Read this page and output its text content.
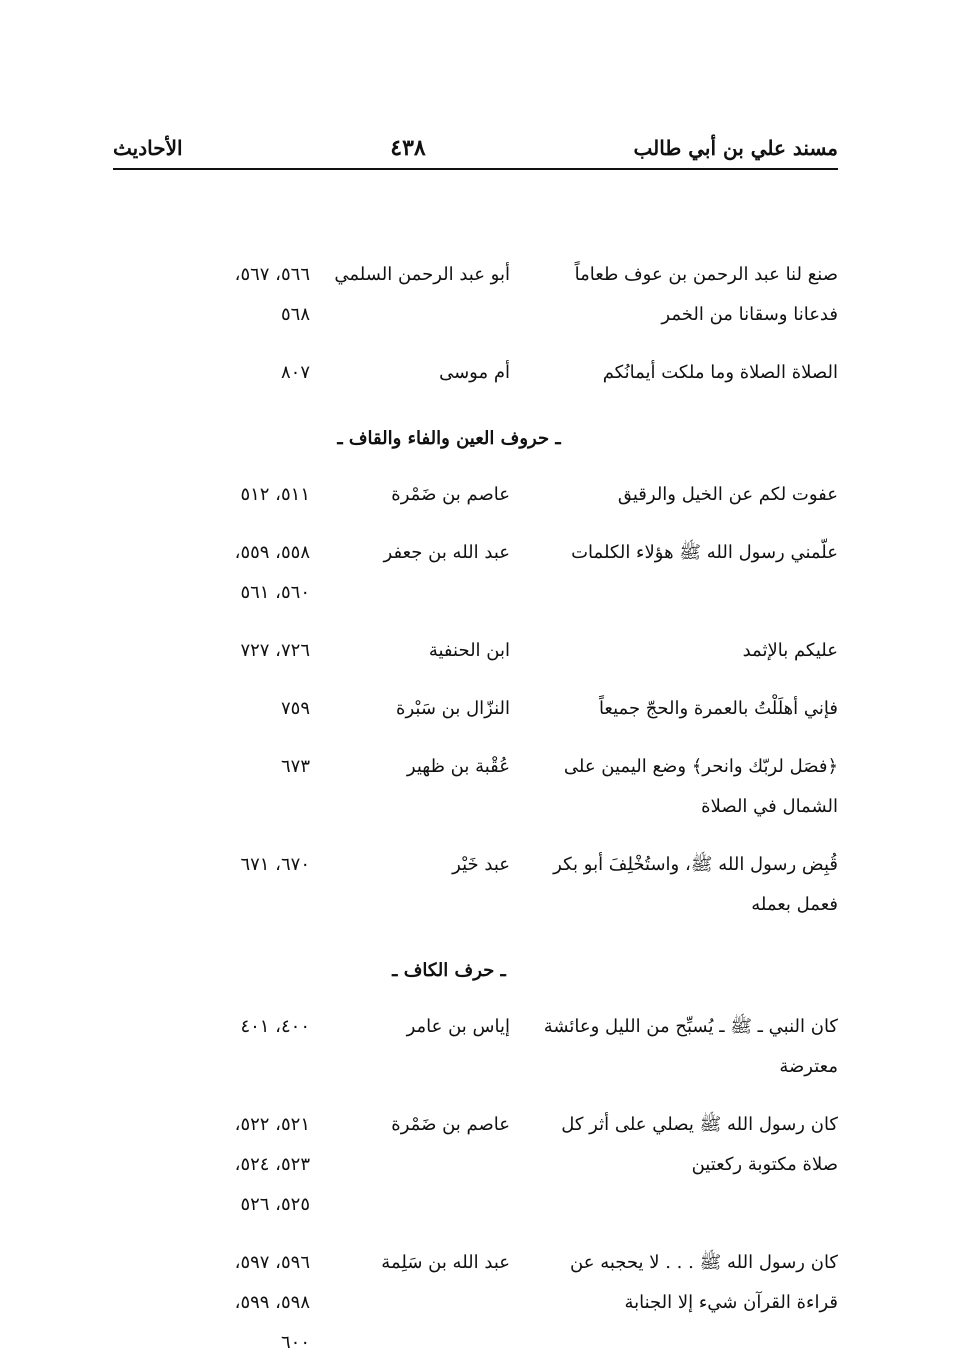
مسند علي بن أبي طالب
٤٣٨
الأحاديث
صنع لنا عبد الرحمن بن عوف طعاماً فدعانا وسقانا من الخمر
أبو عبد الرحمن السلمي
٥٦٦، ٥٦٧،
٥٦٨
الصلاة الصلاة وما ملكت أيمانُكم
أم موسى
٨٠٧
ـ حروف العين والفاء والقاف ـ
عفوت لكم عن الخيل والرقيق
عاصم بن ضَمْرة
٥١١، ٥١٢
علّمني رسول الله ﷺ هؤلاء الكلمات
عبد الله بن جعفر
٥٥٨، ٥٥٩،
٥٦٠، ٥٦١
عليكم بالإثمد
ابن الحنفية
٧٢٦، ٧٢٧
فإني أهلَلْتُ بالعمرة والحجّ جميعاً
النزّال بن سَبْرة
٧٥٩
﴿فصَل لربّك وانحر﴾ وضع اليمين على الشمال في الصلاة
عُقْبة بن ظهير
٦٧٣
قُبِض رسول الله ﷺ، واستُخْلِفَ أبو بكر فعمل بعمله
عبد خَيْر
٦٧٠، ٦٧١
ـ حرف الكاف ـ
كان النبي ـ ﷺ ـ يُسبِّح من الليل وعائشة معترضة
إياس بن عامر
٤٠٠، ٤٠١
كان رسول الله ﷺ يصلي على أثر كل صلاة مكتوبة ركعتين
عاصم بن ضَمْرة
٥٢١، ٥٢٢،
٥٢٣، ٥٢٤،
٥٢٥، ٥٢٦
كان رسول الله ﷺ . . . لا يحجبه عن قراءة القرآن شيء إلا الجنابة
عبد الله بن سَلِمة
٥٩٦، ٥٩٧،
٥٩٨، ٥٩٩،
٦٠٠
